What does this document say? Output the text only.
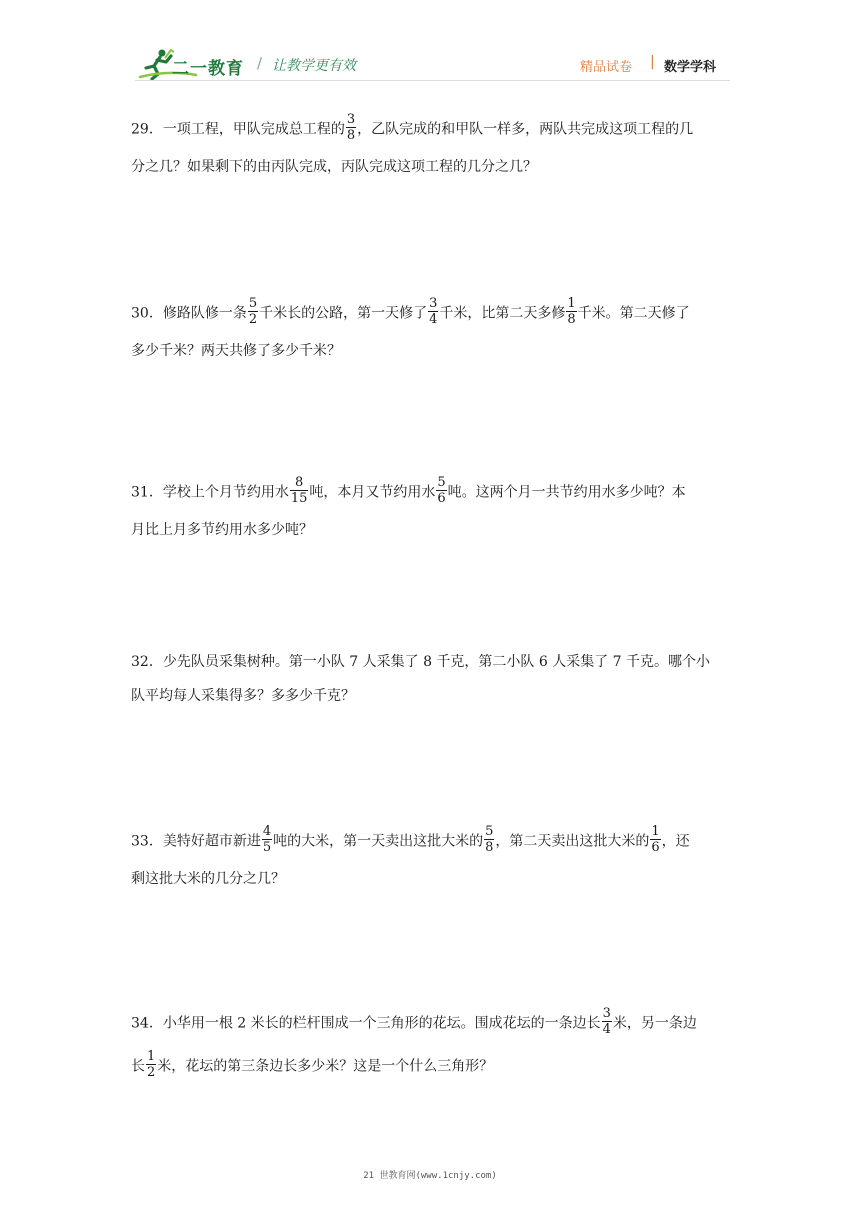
二一教育 / 让教学更有效	精品试卷 | 数学学科
29．一项工程，甲队完成总工程的 $\frac{3}{8}$ ，乙队完成的和甲队一样多，两队共完成这项工程的几
分之几？如果剩下的由丙队完成，丙队完成这项工程的几分之几？
30．修路队修一条 $\frac{5}{2}$ 千米长的公路，第一天修了 $\frac{3}{4}$ 千米，比第二天多修 $\frac{1}{8}$ 千米。第二天修了
多少千米？两天共修了多少千米？
31．学校上个月节约用水 $\frac{8}{15}$ 吨，本月又节约用水 $\frac{5}{6}$ 吨。这两个月一共节约用水多少吨？本
月比上月多节约用水多少吨？
32．少先队员采集树种。第一小队 7 人采集了 8 千克，第二小队 6 人采集了 7 千克。哪个小
队平均每人采集得多？多多少千克？
33．美特好超市新进 $\frac{4}{5}$ 吨的大米，第一天卖出这批大米的 $\frac{5}{8}$ ，第二天卖出这批大米的 $\frac{1}{6}$ ，还
剩这批大米的几分之几？
34．小华用一根 2 米长的栏杆围成一个三角形的花坛。围成花坛的一条边长 $\frac{3}{4}$ 米，另一条边
长 $\frac{1}{2}$ 米，花坛的第三条边长多少米？这是一个什么三角形？
21 世教育网(www.1cnjy.com)
